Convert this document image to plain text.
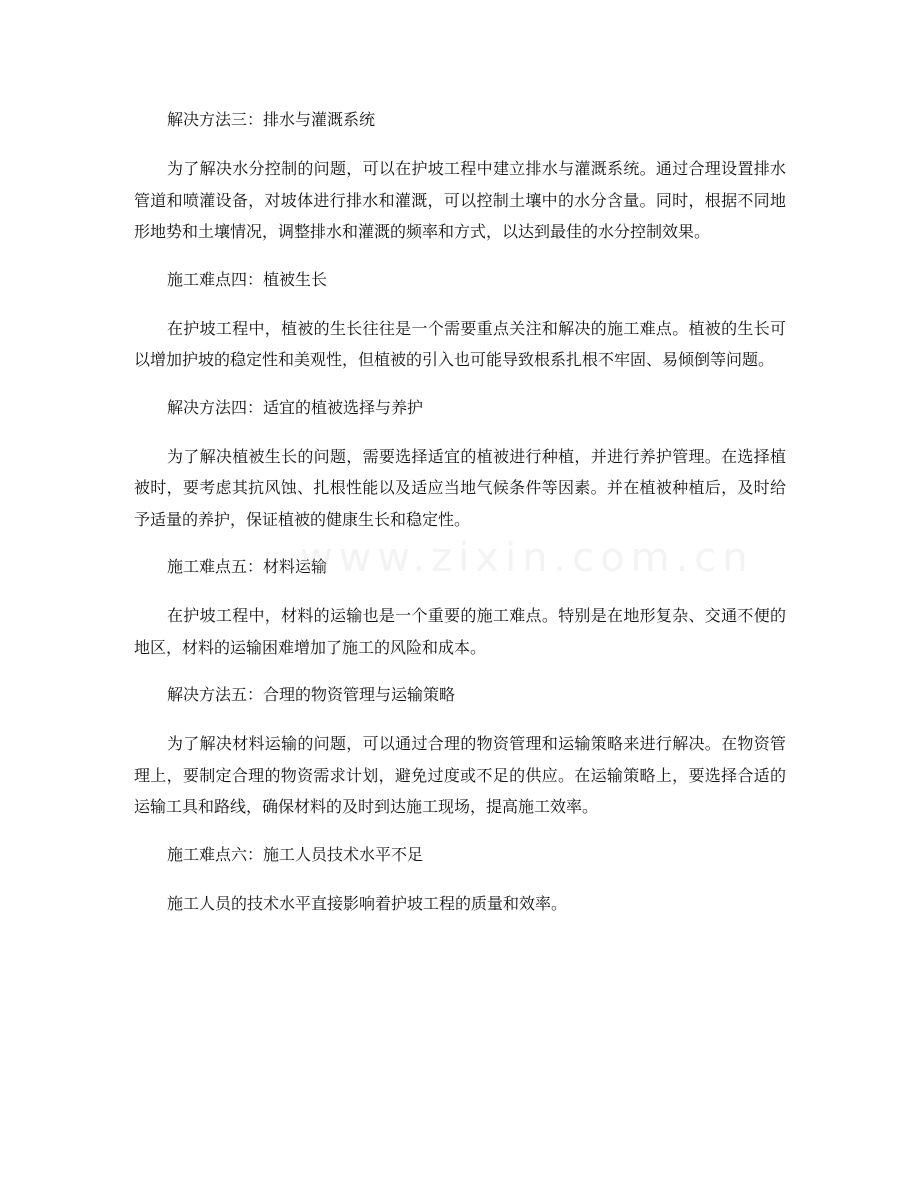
解决方法三：排水与灌溉系统

为了解决水分控制的问题，可以在护坡工程中建立排水与灌溉系统。通过合理设置排水管道和喷灌设备，对坡体进行排水和灌溉，可以控制土壤中的水分含量。同时，根据不同地形地势和土壤情况，调整排水和灌溉的频率和方式，以达到最佳的水分控制效果。

施工难点四：植被生长

在护坡工程中，植被的生长往往是一个需要重点关注和解决的施工难点。植被的生长可以增加护坡的稳定性和美观性，但植被的引入也可能导致根系扎根不牢固、易倾倒等问题。

解决方法四：适宜的植被选择与养护

为了解决植被生长的问题，需要选择适宜的植被进行种植，并进行养护管理。在选择植被时，要考虑其抗风蚀、扎根性能以及适应当地气候条件等因素。并在植被种植后，及时给予适量的养护，保证植被的健康生长和稳定性。

施工难点五：材料运输

在护坡工程中，材料的运输也是一个重要的施工难点。特别是在地形复杂、交通不便的地区，材料的运输困难增加了施工的风险和成本。

解决方法五：合理的物资管理与运输策略

为了解决材料运输的问题，可以通过合理的物资管理和运输策略来进行解决。在物资管理上，要制定合理的物资需求计划，避免过度或不足的供应。在运输策略上，要选择合适的运输工具和路线，确保材料的及时到达施工现场，提高施工效率。

施工难点六：施工人员技术水平不足

施工人员的技术水平直接影响着护坡工程的质量和效率。

www.zixin.com.cn
